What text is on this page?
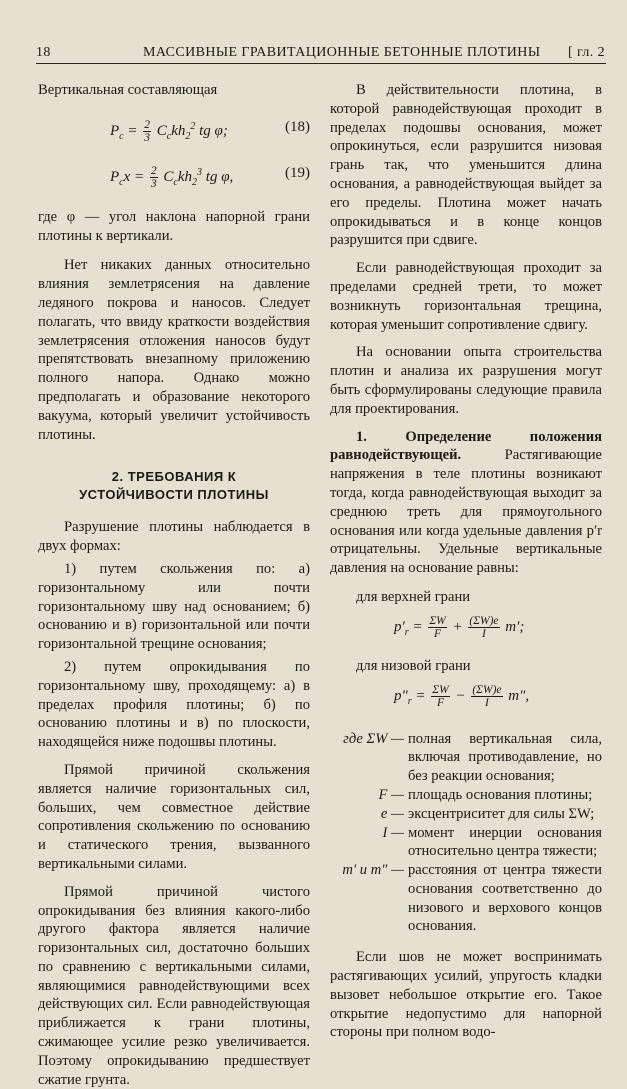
18	МАССИВНЫЕ ГРАВИТАЦИОННЫЕ БЕТОННЫЕ ПЛОТИНЫ [ гл. 2

Вертикальная составляющая

$P_c = \frac{2}{3} C_ckh_2^2$ tg φ;	(18)
$P_cx = \frac{2}{3} C_ckh_2^3$ tg φ,	(19)

где φ — угол наклона напорной грани плотины к вертикали.

Нет никаких данных относительно влияния землетрясения на давление ледяного покрова и наносов. Следует полагать, что ввиду краткости воздействия землетрясения отложения наносов будут препятствовать внезапному приложению полного напора. Однако можно предполагать и образование некоторого вакуума, который увеличит устойчивость плотины.

2. ТРЕБОВАНИЯ К УСТОЙЧИВОСТИ ПЛОТИНЫ

Разрушение плотины наблюдается в двух формах:

1) путем скольжения по: а) горизонтальному или почти горизонтальному шву над основанием; б) основанию и в) горизонтальной или почти горизонтальной трещине основания;

2) путем опрокидывания по горизонтальному шву, проходящему: а) в пределах профиля плотины; б) по основанию плотины и в) по плоскости, находящейся ниже подошвы плотины.

Прямой причиной скольжения является наличие горизонтальных сил, больших, чем совместное действие сопротивления скольжению по основанию и статического трения, вызванного вертикальными силами.

Прямой причиной чистого опрокидывания без влияния какого-либо другого фактора является наличие горизонтальных сил, достаточно больших по сравнению с вертикальными силами, являющимися равнодействующими всех действующих сил. Если равнодействующая приближается к грани плотины, сжимающее усилие резко увеличивается. Поэтому опрокидыванию предшествует сжатие грунта.

В действительности плотина, в которой равнодействующая проходит в пределах подошвы основания, может опрокинуться, если разрушится низовая грань так, что уменьшится длина основания, а равнодействующая выйдет за его пределы. Плотина может начать опрокидываться и в конце концов разрушится при сдвиге.

Если равнодействующая проходит за пределами средней трети, то может возникнуть горизонтальная трещина, которая уменьшит сопротивление сдвигу.

На основании опыта строительства плотин и анализа их разрушения могут быть сформулированы следующие правила для проектирования.

1. Определение положения равнодействующей. Растягивающие напряжения в теле плотины возникают тогда, когда равнодействующая выходит за среднюю треть для прямоугольного основания или когда удельные давления p′r отрицательны. Удельные вертикальные давления на основание равны:

для верхней грани

$p'_r = \frac{\Sigma W}{F} + \frac{(\Sigma W)e}{I} m'$;

для низовой грани

$p''_r = \frac{\Sigma W}{F} - \frac{(\Sigma W)e}{I} m''$,
где ΣW — полная вертикальная сила, включая противодавление, но без реакции основания;
F — площадь основания плотины;
e — эксцентриситет для силы ΣW;
I — момент инерции основания относительно центра тяжести;
m′ и m″ — расстояния от центра тяжести основания соответственно до низового и верхового концов основания.

Если шов не может воспринимать растягивающих усилий, упругость кладки вызовет небольшое открытие его. Такое открытие недопустимо для напорной стороны при полном водо-
